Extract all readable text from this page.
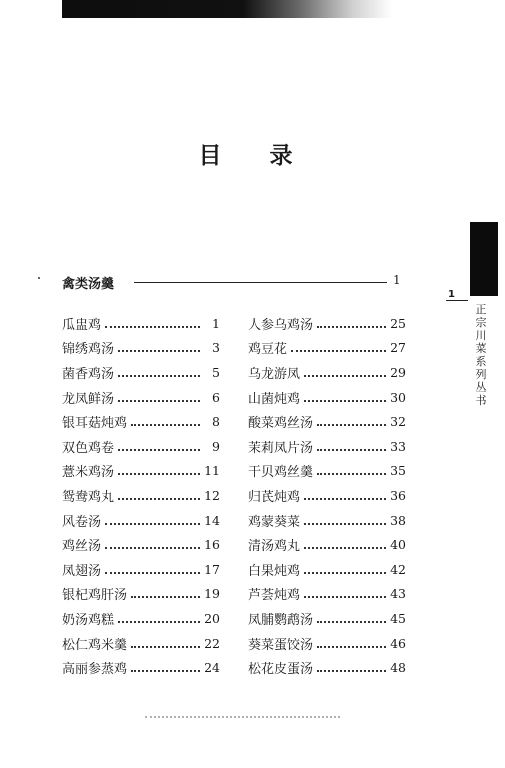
目 录
禽类汤羹	1
瓜盅鸡	1
锦绣鸡汤	3
菌香鸡汤	5
龙凤鲜汤	6
银耳菇炖鸡	8
双色鸡卷	9
薏米鸡汤	11
鸳鸯鸡丸	12
风卷汤	14
鸡丝汤	16
凤翅汤	17
银杞鸡肝汤	19
奶汤鸡糕	20
松仁鸡米羹	22
高丽参蒸鸡	24
人参乌鸡汤	25
鸡豆花	27
乌龙游凤	29
山菌炖鸡	30
酸菜鸡丝汤	32
茉莉凤片汤	33
干贝鸡丝羹	35
归芪炖鸡	36
鸡蒙葵菜	38
清汤鸡丸	40
白果炖鸡	42
芦荟炖鸡	43
凤脯鹦鹉汤	45
葵菜蛋饺汤	46
松花皮蛋汤	48
1
正宗川菜系列丛书
